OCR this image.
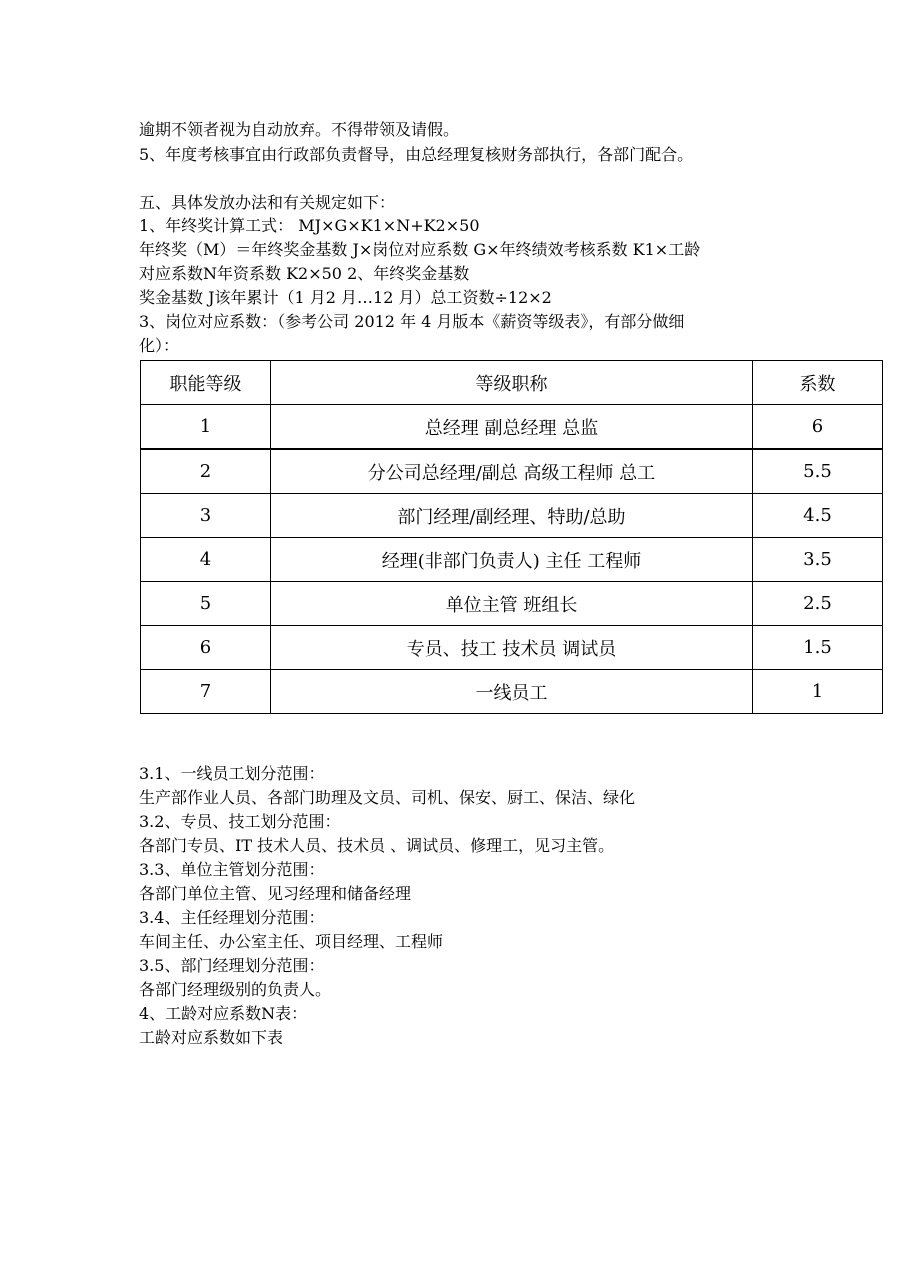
逾期不领者视为自动放弃。不得带领及请假。

5、年度考核事宜由行政部负责督导，由总经理复核财务部执行，各部门配合。

五、具体发放办法和有关规定如下：

1、年终奖计算工式： MJ×G×K1×N+K2×50

年终奖（M）＝年终奖金基数 J×岗位对应系数 G×年终绩效考核系数 K1×工龄

对应系数N年资系数 K2×50 2、年终奖金基数

奖金基数 J该年累计（1 月2 月…12 月）总工资数÷12×2

3、岗位对应系数：（参考公司 2012 年 4 月版本《薪资等级表》，有部分做细

化）：

职能等级	等级职称	系数
1	总经理 副总经理 总监	6
2	分公司总经理/副总 高级工程师 总工	5.5
3	部门经理/副经理、特助/总助	4.5
4	经理(非部门负责人) 主任 工程师	3.5
5	单位主管 班组长	2.5
6	专员、技工 技术员 调试员	1.5
7	一线员工	1

3.1、一线员工划分范围：

生产部作业人员、各部门助理及文员、司机、保安、厨工、保洁、绿化

3.2、专员、技工划分范围：

各部门专员、IT 技术人员、技术员 、调试员、修理工，见习主管。

3.3、单位主管划分范围：

各部门单位主管、见习经理和储备经理

3.4、主任经理划分范围：

车间主任、办公室主任、项目经理、工程师

3.5、部门经理划分范围：

各部门经理级别的负责人。

4、工龄对应系数N表：

工龄对应系数如下表
